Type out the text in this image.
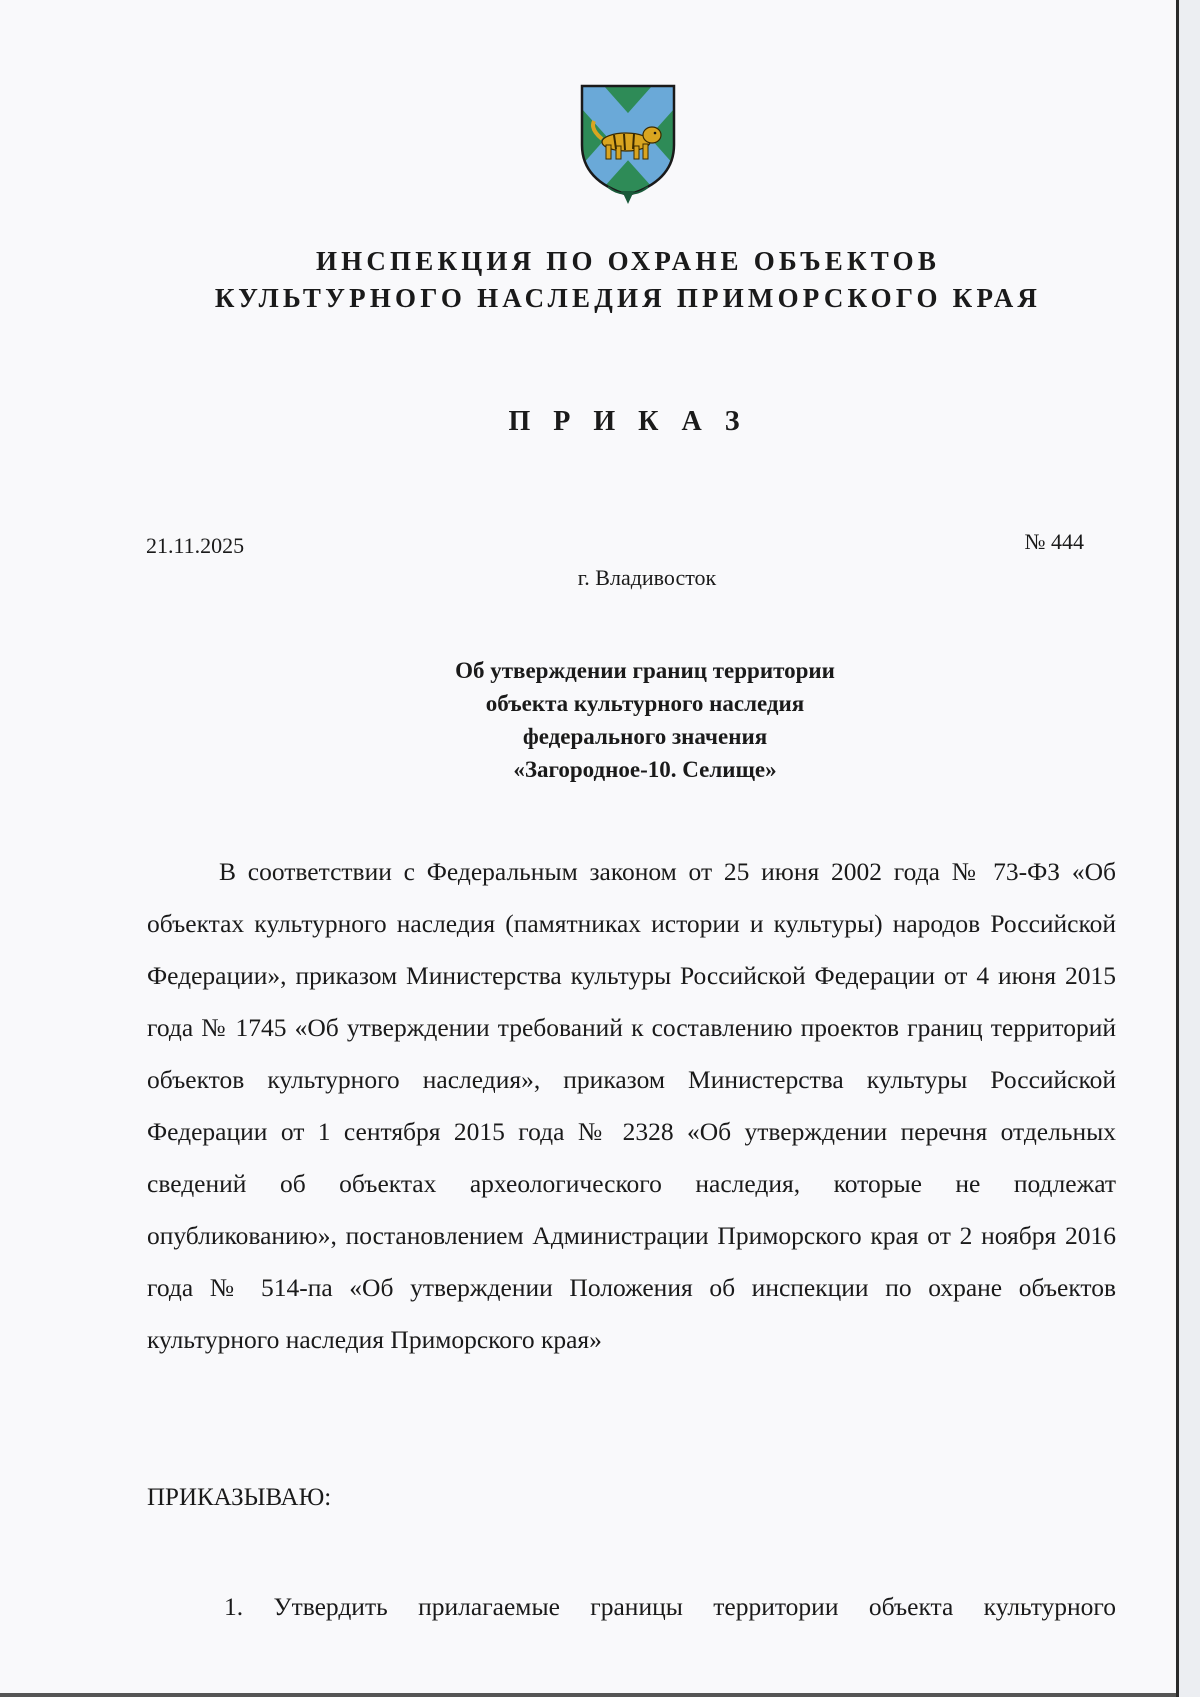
ИНСПЕКЦИЯ ПО ОХРАНЕ ОБЪЕКТОВ
КУЛЬТУРНОГО НАСЛЕДИЯ ПРИМОРСКОГО КРАЯ
П Р И К А З
21.11.2025	№ 444
г. Владивосток
Об утверждении границ территории
объекта культурного наследия
федерального значения
«Загородное-10. Селище»

В соответствии с Федеральным законом от 25 июня 2002 года № 73-ФЗ «Об объектах культурного наследия (памятниках истории и культуры) народов Российской Федерации», приказом Министерства культуры Российской Федерации от 4 июня 2015 года № 1745 «Об утверждении требований к составлению проектов границ территорий объектов культурного наследия», приказом Министерства культуры Российской Федерации от 1 сентября 2015 года № 2328 «Об утверждении перечня отдельных сведений об объектах археологического наследия, которые не подлежат опубликованию», постановлением Администрации Приморского края от 2 ноября 2016 года № 514-па «Об утверждении Положения об инспекции по охране объектов культурного наследия Приморского края»

ПРИКАЗЫВАЮ:

1. Утвердить прилагаемые границы территории объекта культурного
